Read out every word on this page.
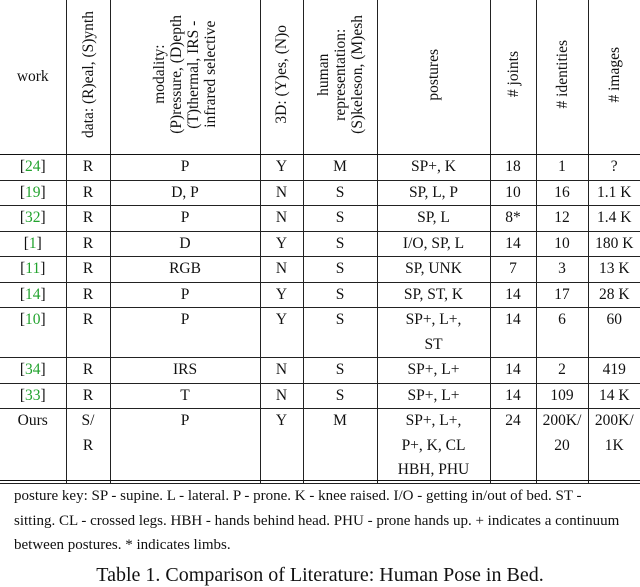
work	data: (R)eal, (S)ynth	modality:
(P)ressure, (D)epth
(T)thermal, IRS -
infrared selective	3D: (Y)es, (N)o	human
representation:
(S)keleson, (M)esh	postures	# joints	# identities	# images
[24]	R	P	Y	M	SP+, K	18	1	?
[19]	R	D, P	N	S	SP, L, P	10	16	1.1 K
[32]	R	P	N	S	SP, L	8*	12	1.4 K
[1]	R	D	Y	S	I/O, SP, L	14	10	180 K
[11]	R	RGB	N	S	SP, UNK	7	3	13 K
[14]	R	P	Y	S	SP, ST, K	14	17	28 K
[10]	R	P	Y	S	SP+, L+,
ST	14	6	60
[34]	R	IRS	N	S	SP+, L+	14	2	419
[33]	R	T	N	S	SP+, L+	14	109	14 K
Ours	S/
R	P	Y	M	SP+, L+,
P+, K, CL
HBH, PHU	24	200K/
20	200K/
1K

posture key: SP - supine. L - lateral. P - prone. K - knee raised. I/O - getting in/out of bed. ST - sitting. CL - crossed legs. HBH - hands behind head. PHU - prone hands up. + indicates a continuum between postures. * indicates limbs.

Table 1. Comparison of Literature: Human Pose in Bed.
